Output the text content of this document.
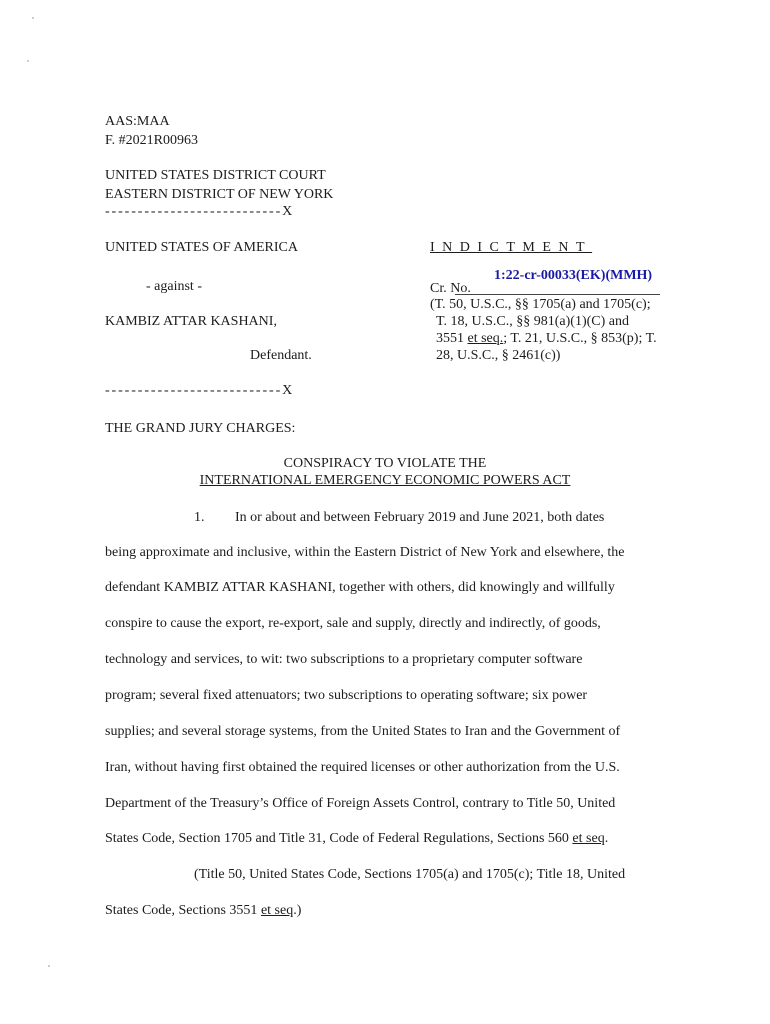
AAS:MAA
F. #2021R00963
UNITED STATES DISTRICT COURT
EASTERN DISTRICT OF NEW YORK
---------------------------X
UNITED STATES OF AMERICA
- against -
KAMBIZ ATTAR KASHANI,
Defendant.
---------------------------X
INDICTMENT
Cr. No.
1:22-cr-00033(EK)(MMH)
(T. 50, U.S.C., §§ 1705(a) and 1705(c);
T. 18, U.S.C., §§ 981(a)(1)(C) and
3551 et seq.; T. 21, U.S.C., § 853(p); T.
28, U.S.C., § 2461(c))
THE GRAND JURY CHARGES:
CONSPIRACY TO VIOLATE THE
INTERNATIONAL EMERGENCY ECONOMIC POWERS ACT
1. In or about and between February 2019 and June 2021, both dates
being approximate and inclusive, within the Eastern District of New York and elsewhere, the
defendant KAMBIZ ATTAR KASHANI, together with others, did knowingly and willfully
conspire to cause the export, re-export, sale and supply, directly and indirectly, of goods,
technology and services, to wit: two subscriptions to a proprietary computer software
program; several fixed attenuators; two subscriptions to operating software; six power
supplies; and several storage systems, from the United States to Iran and the Government of
Iran, without having first obtained the required licenses or other authorization from the U.S.
Department of the Treasury’s Office of Foreign Assets Control, contrary to Title 50, United
States Code, Section 1705 and Title 31, Code of Federal Regulations, Sections 560 et seq.
(Title 50, United States Code, Sections 1705(a) and 1705(c); Title 18, United
States Code, Sections 3551 et seq.)
